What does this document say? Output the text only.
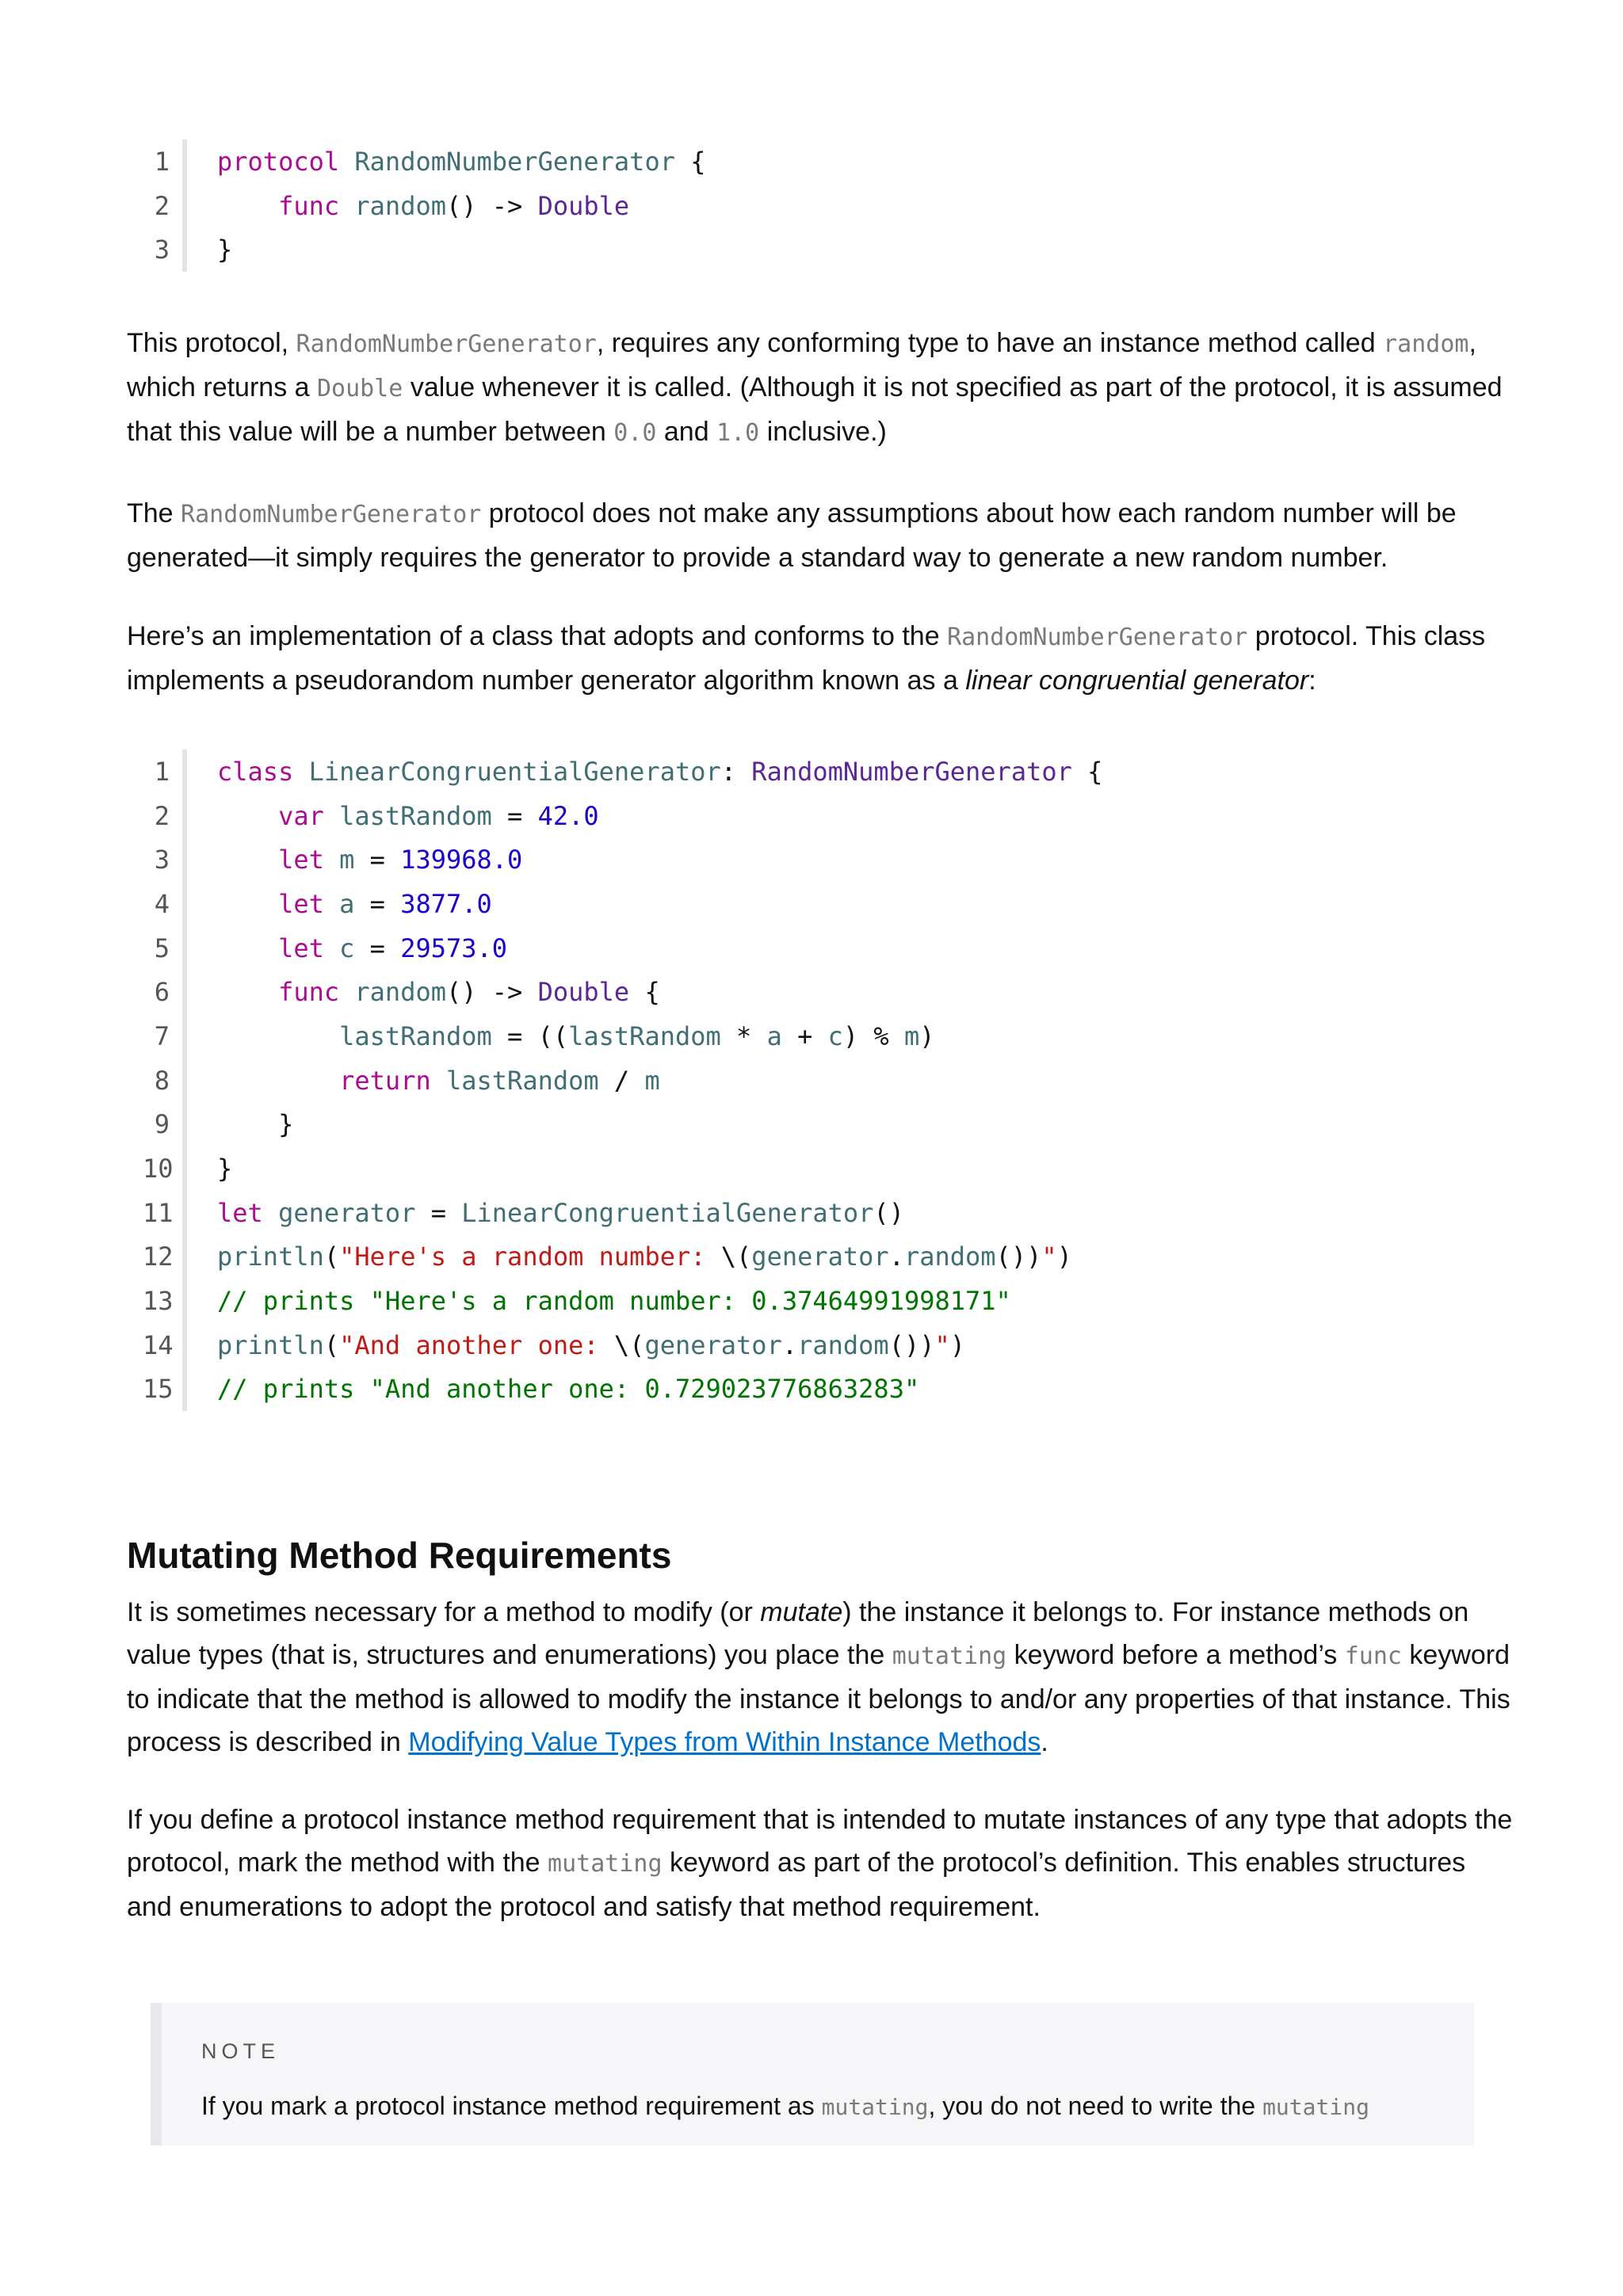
1 protocol RandomNumberGenerator {
2	func random() -> Double
3 }

This protocol, RandomNumberGenerator, requires any conforming type to have an instance method called random, which returns a Double value whenever it is called. (Although it is not specified as part of the protocol, it is assumed that this value will be a number between 0.0 and 1.0 inclusive.)

The RandomNumberGenerator protocol does not make any assumptions about how each random number will be generated—it simply requires the generator to provide a standard way to generate a new random number.

Here’s an implementation of a class that adopts and conforms to the RandomNumberGenerator protocol. This class implements a pseudorandom number generator algorithm known as a linear congruential generator:

1 class LinearCongruentialGenerator: RandomNumberGenerator {
2	var lastRandom = 42.0
3	let m = 139968.0
4	let a = 3877.0
5	let c = 29573.0
6	func random() -> Double {
7	lastRandom = ((lastRandom * a + c) % m)
8	return lastRandom / m
9 }
10 }
11 let generator = LinearCongruentialGenerator()
12 println("Here's a random number: \(generator.random())")
13 // prints "Here's a random number: 0.37464991998171"
14 println("And another one: \(generator.random())")
15 // prints "And another one: 0.729023776863283"
Mutating Method Requirements

It is sometimes necessary for a method to modify (or mutate) the instance it belongs to. For instance methods on value types (that is, structures and enumerations) you place the mutating keyword before a method’s func keyword to indicate that the method is allowed to modify the instance it belongs to and/or any properties of that instance. This process is described in Modifying Value Types from Within Instance Methods.

If you define a protocol instance method requirement that is intended to mutate instances of any type that adopts the protocol, mark the method with the mutating keyword as part of the protocol’s definition. This enables structures and enumerations to adopt the protocol and satisfy that method requirement.

NOTE
If you mark a protocol instance method requirement as mutating, you do not need to write the mutating
